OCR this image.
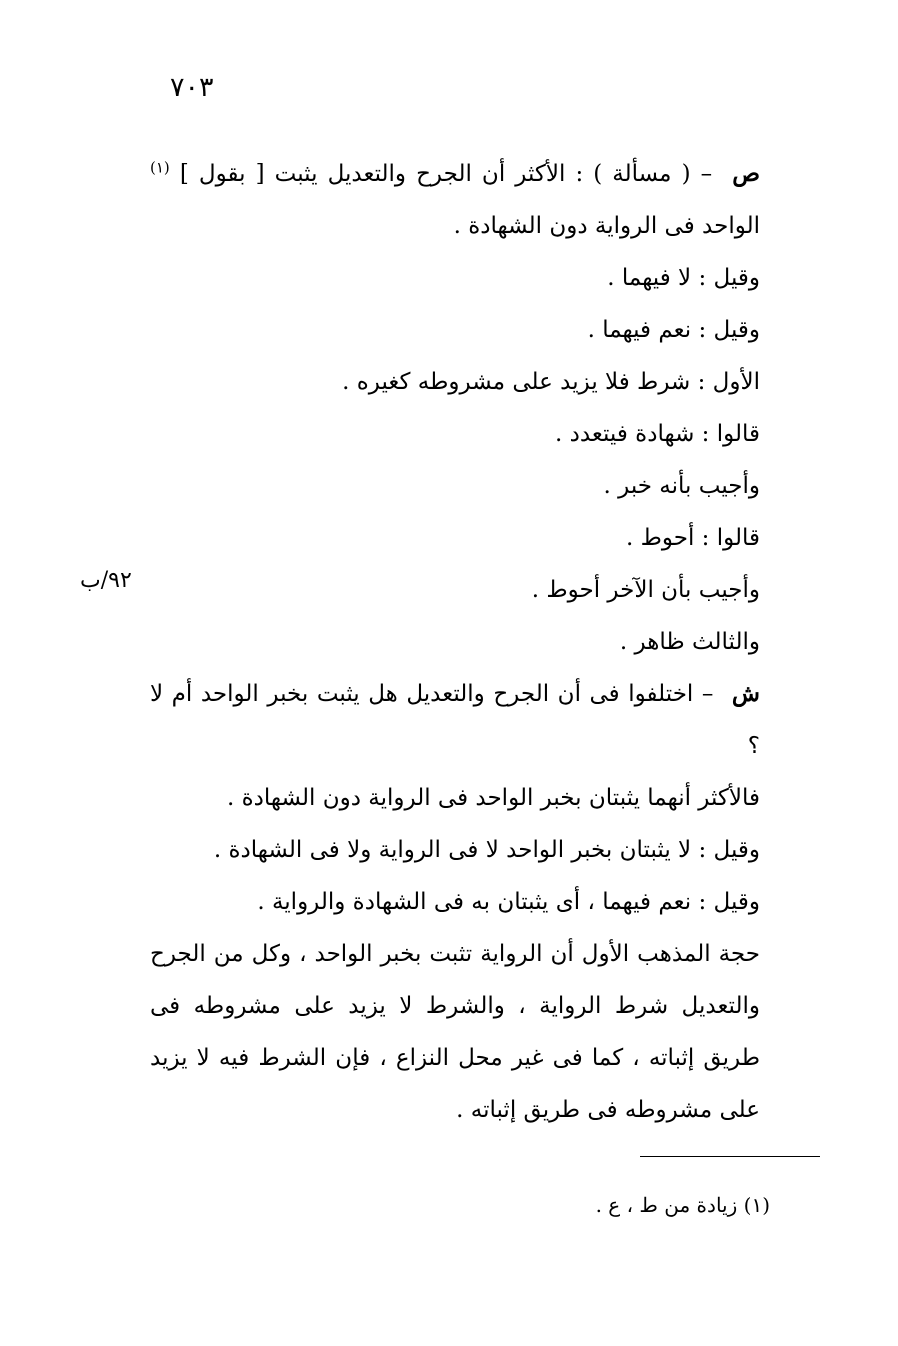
٧٠٣
٩٢/ب

ص – ( مسألة ) : الأكثر أن الجرح والتعديل يثبت [ بقول ] $^{(١)}$ الواحد فى الرواية دون الشهادة .

وقيل : لا فيهما .

وقيل : نعم فيهما .

الأول : شرط فلا يزيد على مشروطه كغيره .

قالوا : شهادة فيتعدد .

وأجيب بأنه خبر .

قالوا : أحوط .

وأجيب بأن الآخر أحوط .

والثالث ظاهر .

ش – اختلفوا فى أن الجرح والتعديل هل يثبت بخبر الواحد أم لا ؟

فالأكثر أنهما يثبتان بخبر الواحد فى الرواية دون الشهادة .

وقيل : لا يثبتان بخبر الواحد لا فى الرواية ولا فى الشهادة .

وقيل : نعم فيهما ، أى يثبتان به فى الشهادة والرواية .

حجة المذهب الأول أن الرواية تثبت بخبر الواحد ، وكل من الجرح والتعديل شرط الرواية ، والشرط لا يزيد على مشروطه فى طريق إثباته ، كما فى غير محل النزاع ، فإن الشرط فيه لا يزيد على مشروطه فى طريق إثباته .

(١) زيادة من ط ، ع .
